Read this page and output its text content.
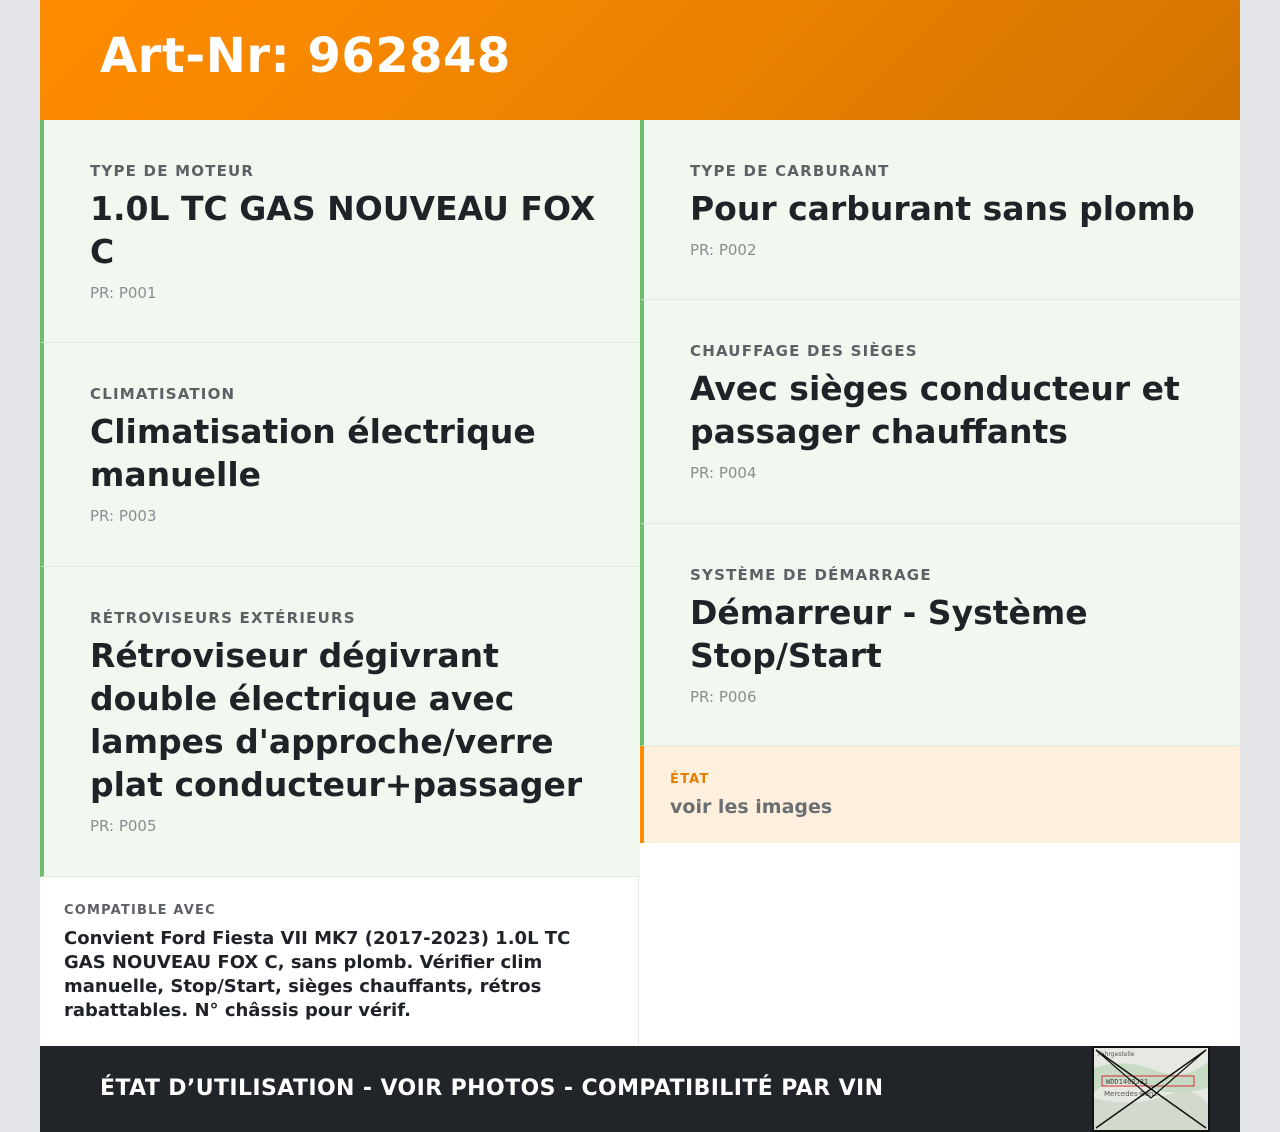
Art-Nr: 962848
TYPE DE MOTEUR
1.0L TC GAS NOUVEAU FOX C
PR: P001
CLIMATISATION
Climatisation électrique manuelle
PR: P003
RÉTROVISEURS EXTÉRIEURS
Rétroviseur dégivrant double électrique avec lampes d'approche/verre plat conducteur+passager
PR: P005
TYPE DE CARBURANT
Pour carburant sans plomb
PR: P002
CHAUFFAGE DES SIÈGES
Avec sièges conducteur et passager chauffants
PR: P004
SYSTÈME DE DÉMARRAGE
Démarreur - Système Stop/Start
PR: P006
ÉTAT
voir les images
COMPATIBLE AVEC
Convient Ford Fiesta VII MK7 (2017-2023) 1.0L TC GAS NOUVEAU FOX C, sans plomb. Vérifier clim manuelle, Stop/Start, sièges chauffants, rétros rabattables. N° châssis pour vérif.
ÉTAT D’UTILISATION - VOIR PHOTOS - COMPATIBILITÉ PAR VIN
Fahrgestelle
WDD1462J31
Mercedes-Benz
